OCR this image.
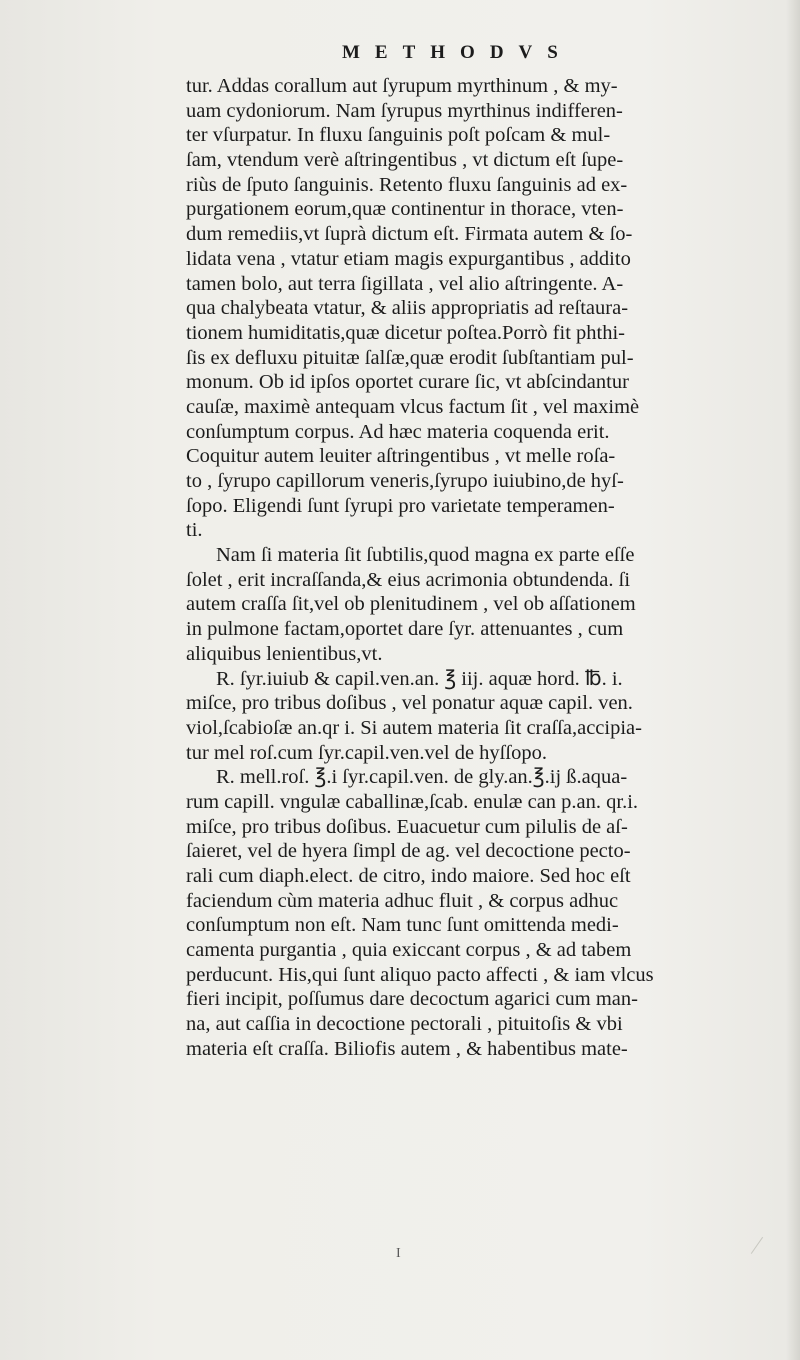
METHODVS
tur. Addas corallum aut ſyrupum myrthinum , & my-
uam cydoniorum. Nam ſyrupus myrthinus indifferen-
ter vſurpatur. In fluxu ſanguinis poſt poſcam & mul-
ſam, vtendum verè aſtringentibus , vt dictum eſt ſupe-
riùs de ſputo ſanguinis. Retento fluxu ſanguinis ad ex-
purgationem eorum,quæ continentur in thorace, vten-
dum remediis,vt ſuprà dictum eſt. Firmata autem & ſo-
lidata vena , vtatur etiam magis expurgantibus , addito
tamen bolo, aut terra ſigillata , vel alio aſtringente. A-
qua chalybeata vtatur, & aliis appropriatis ad reſtaura-
tionem humiditatis,quæ dicetur poſtea.Porrò fit phthi-
ſis ex defluxu pituitæ ſalſæ,quæ erodit ſubſtantiam pul-
monum. Ob id ipſos oportet curare ſic, vt abſcindantur
cauſæ, maximè antequam vlcus factum ſit , vel maximè
conſumptum corpus. Ad hæc materia coquenda erit.
Coquitur autem leuiter aſtringentibus , vt melle roſa-
to , ſyrupo capillorum veneris,ſyrupo iuiubino,de hyſ-
ſopo. Eligendi ſunt ſyrupi pro varietate temperamen-
ti.
Nam ſi materia ſit ſubtilis,quod magna ex parte eſſe
ſolet , erit incraſſanda,& eius acrimonia obtundenda. ſi
autem craſſa ſit,vel ob plenitudinem , vel ob aſſationem
in pulmone factam,oportet dare ſyr. attenuantes , cum
aliquibus lenientibus,vt.
R. ſyr.iuiub & capil.ven.an. ℥ iij. aquæ hord. ℔. i.
miſce, pro tribus doſibus , vel ponatur aquæ capil. ven.
viol,ſcabioſæ an.qr i. Si autem materia ſit craſſa,accipia-
tur mel roſ.cum ſyr.capil.ven.vel de hyſſopo.
R. mell.roſ. ℥.i ſyr.capil.ven. de gly.an.℥.ij ß.aqua-
rum capill. vngulæ caballinæ,ſcab. enulæ can p.an. qr.i.
miſce, pro tribus doſibus. Euacuetur cum pilulis de aſ-
ſaieret, vel de hyera ſimpl de ag. vel decoctione pecto-
rali cum diaph.elect. de citro, indo maiore. Sed hoc eſt
faciendum cùm materia adhuc fluit , & corpus adhuc
conſumptum non eſt. Nam tunc ſunt omittenda medi-
camenta purgantia , quia exiccant corpus , & ad tabem
perducunt. His,qui ſunt aliquo pacto affecti , & iam vlcus
fieri incipit, poſſumus dare decoctum agarici cum man-
na, aut caſſia in decoctione pectorali , pituitoſis & vbi
materia eſt craſſa. Biliofis autem , & habentibus mate-
I
